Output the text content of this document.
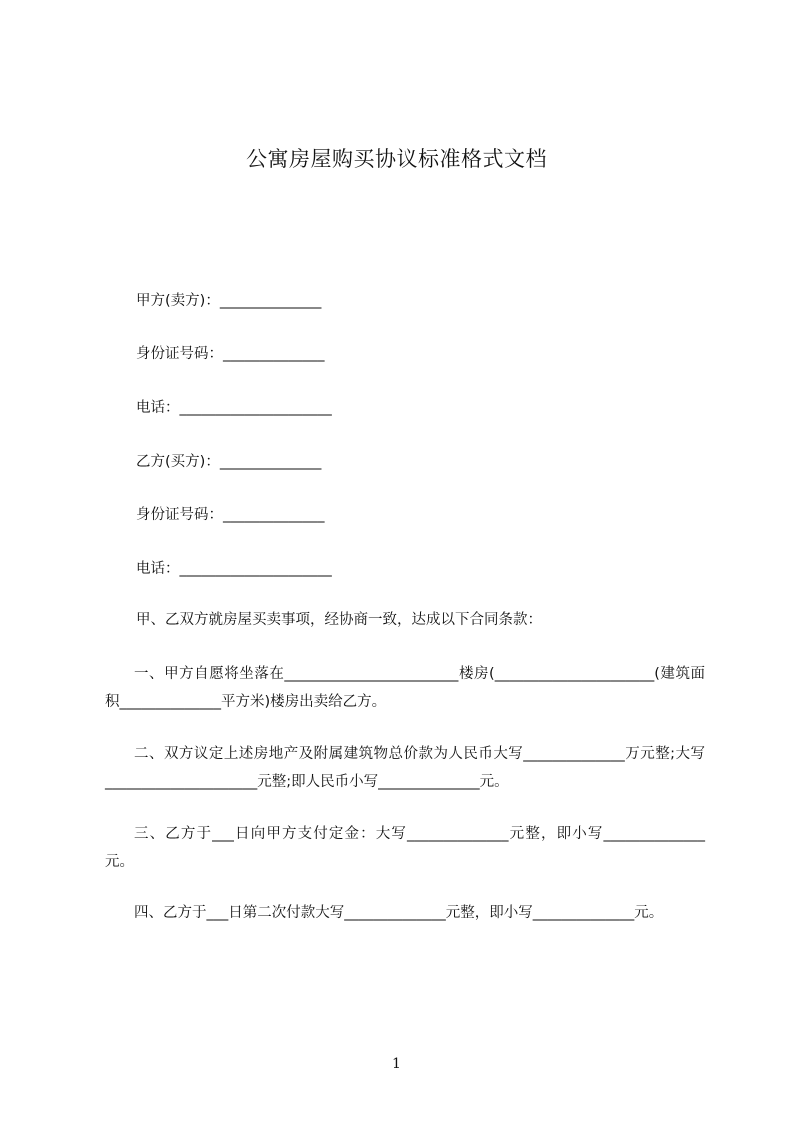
公寓房屋购买协议标准格式文档
甲方(卖方)：______________
身份证号码：______________
电话：_____________________
乙方(买方)：______________
身份证号码：______________
电话：_____________________
甲、乙双方就房屋买卖事项，经协商一致，达成以下合同条款：

一、甲方自愿将坐落在________________________楼房(______________________(建筑面积______________平方米)楼房出卖给乙方。

二、双方议定上述房地产及附属建筑物总价款为人民币大写______________万元整;大写_____________________元整;即人民币小写______________元。

三、乙方于___日向甲方支付定金：大写______________元整，即小写______________元。

四、乙方于___日第二次付款大写______________元整，即小写______________元。

1
